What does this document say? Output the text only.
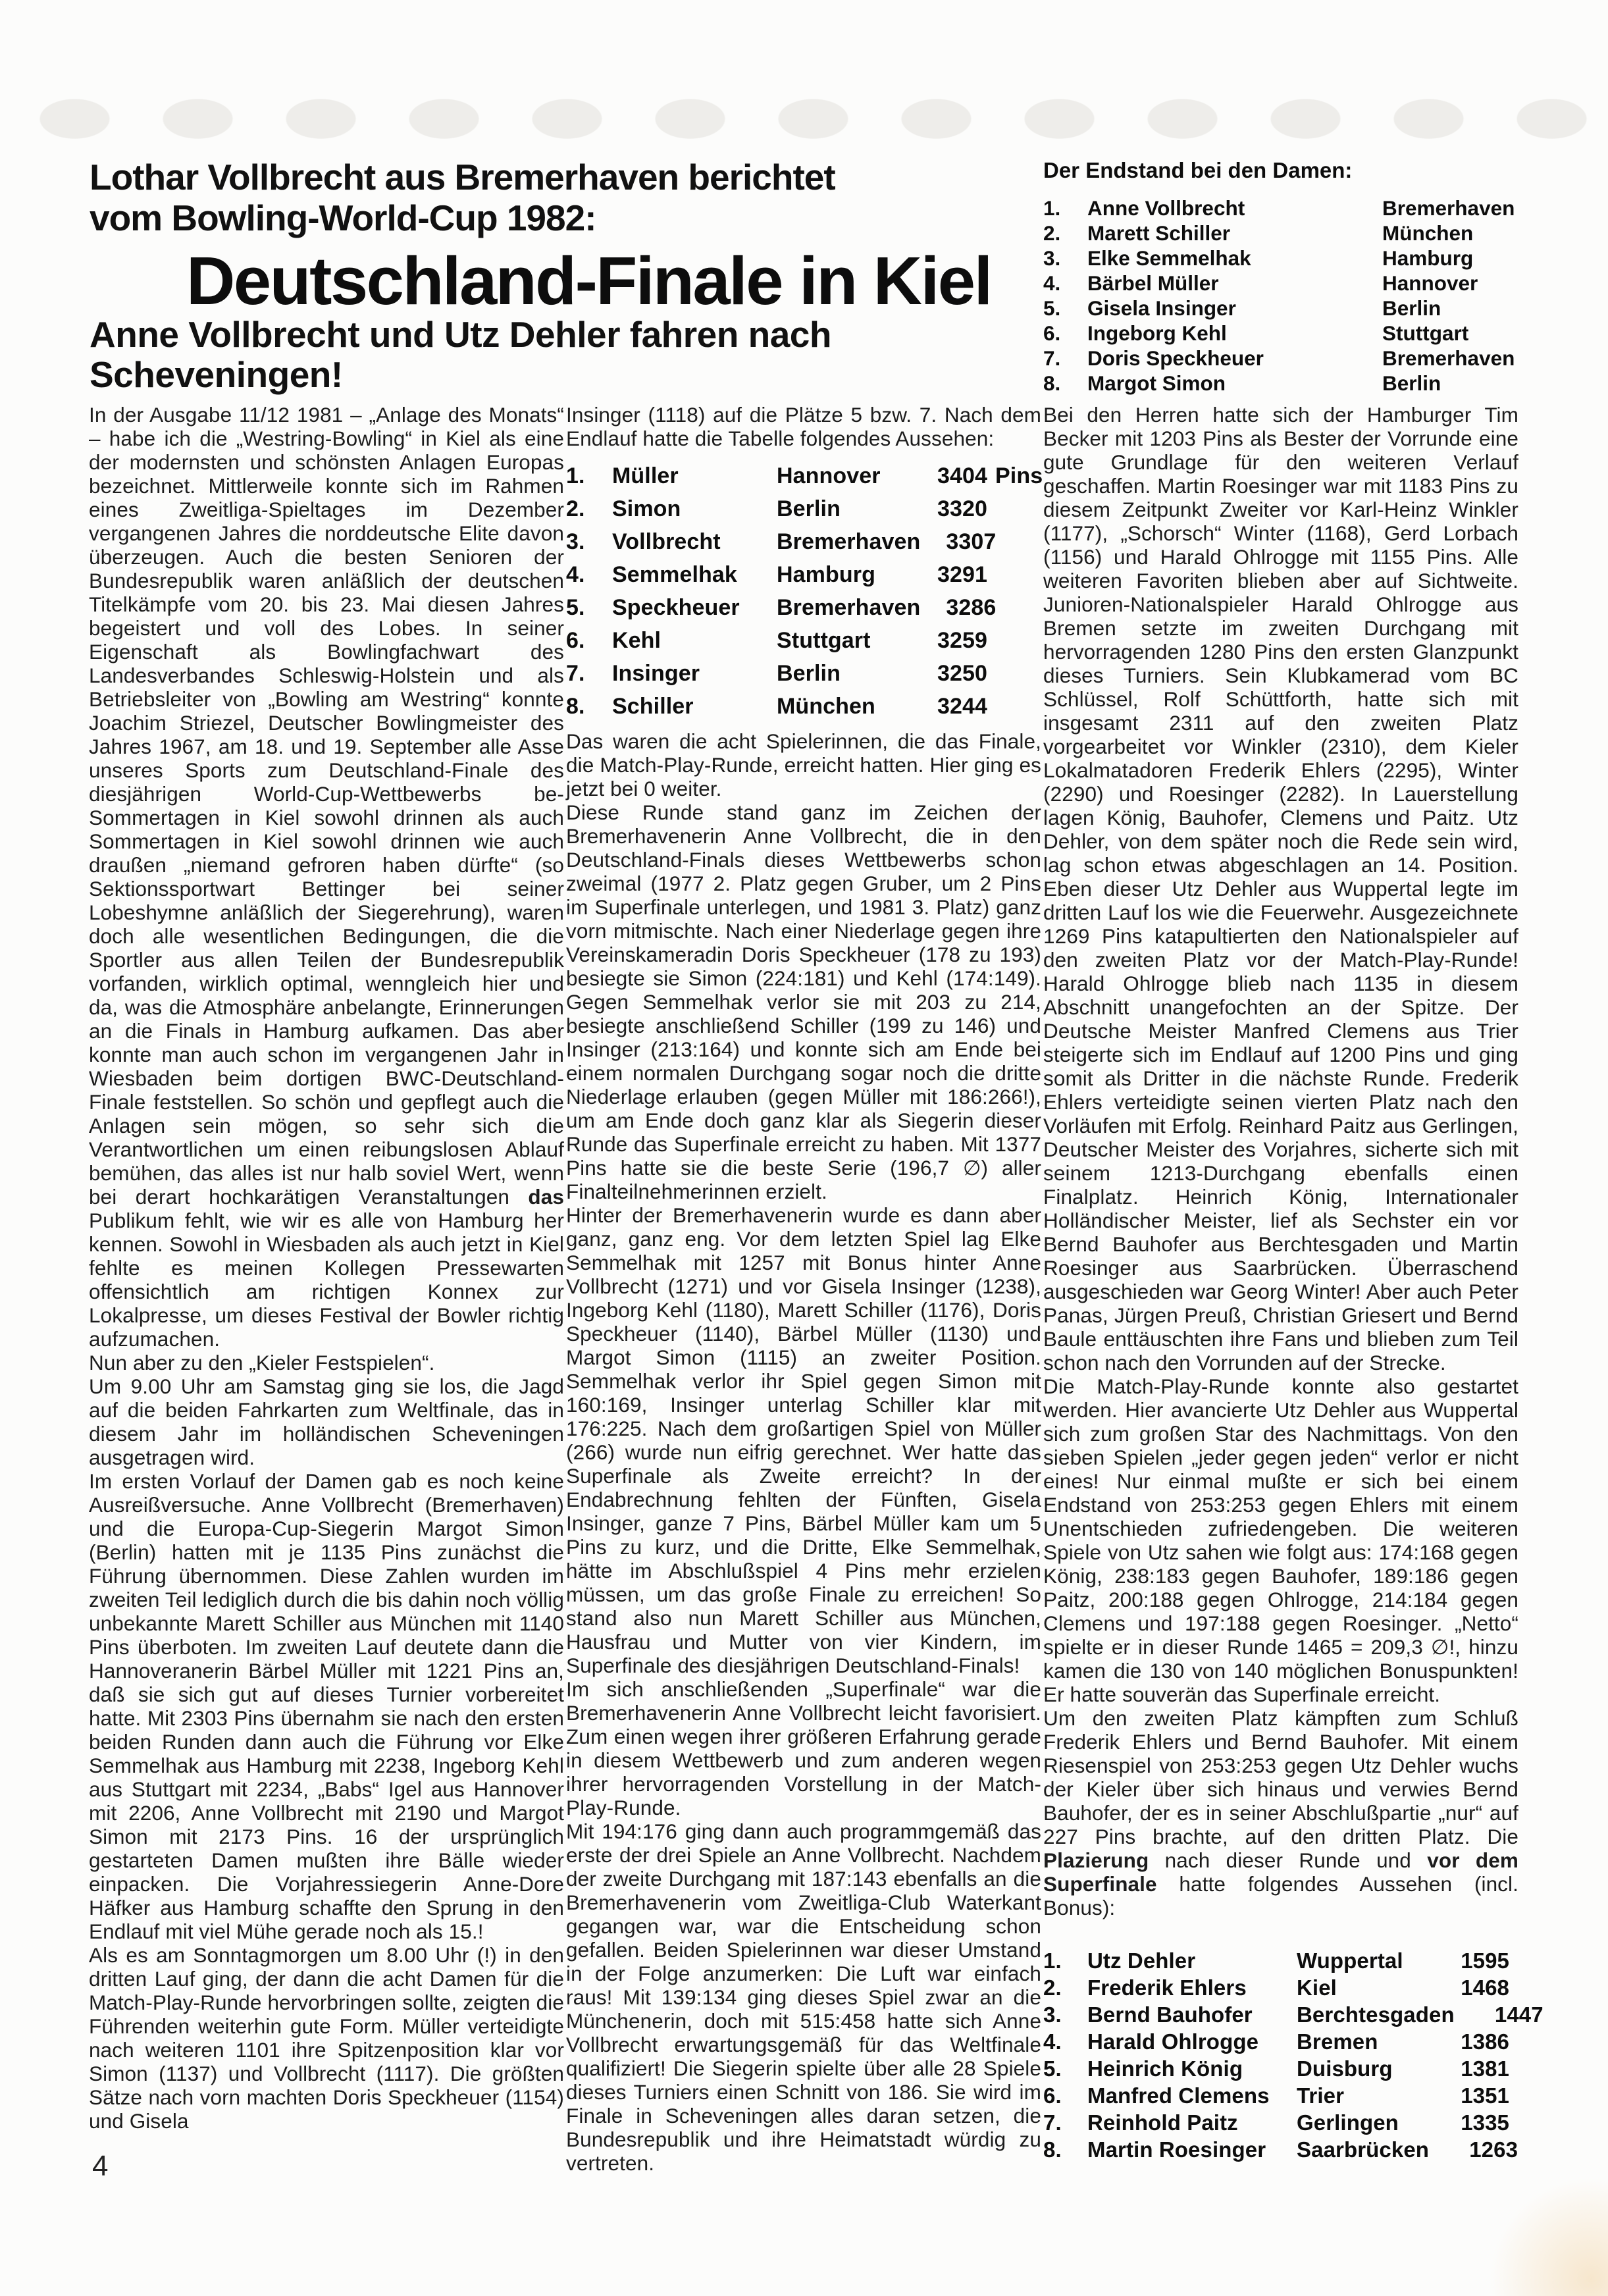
Lothar Vollbrecht aus Bremerhaven berichtet
vom Bowling-World-Cup 1982:
Deutschland-Finale in Kiel
Anne Vollbrecht und Utz Dehler fahren nach Scheveningen!
Der Endstand bei den Damen:
1.	Anne Vollbrecht	Bremerhaven
2.	Marett Schiller	München
3.	Elke Semmelhak	Hamburg
4.	Bärbel Müller	Hannover
5.	Gisela Insinger	Berlin
6.	Ingeborg Kehl	Stuttgart
7.	Doris Speckheuer	Bremerhaven
8.	Margot Simon	Berlin

In der Ausgabe 11/12 1981 – „Anlage des Monats“ – habe ich die „Westring-Bowling“ in Kiel als eine der modernsten und schönsten Anlagen Europas bezeichnet. Mittlerweile konnte sich im Rahmen eines Zweitliga-Spieltages im Dezember vergangenen Jahres die norddeutsche Elite davon überzeugen. Auch die besten Senioren der Bundesrepublik waren anläßlich der deutschen Titelkämpfe vom 20. bis 23. Mai diesen Jahres begeistert und voll des Lobes. In seiner Eigenschaft als Bowlingfachwart des Landesverbandes Schleswig-Holstein und als Betriebsleiter von „Bowling am Westring“ konnte Joachim Striezel, Deutscher Bowlingmeister des Jahres 1967, am 18. und 19. September alle Asse unseres Sports zum Deutschland-Finale des diesjährigen World-Cup-Wettbewerbs be- Sommertagen in Kiel sowohl drinnen als auch Sommertagen in Kiel sowohl drinnen wie auch draußen „niemand gefroren haben dürfte“ (so Sektionssportwart Bettinger bei seiner Lobeshymne anläßlich der Siegerehrung), waren doch alle wesentlichen Bedingungen, die die Sportler aus allen Teilen der Bundesrepublik vorfanden, wirklich optimal, wenngleich hier und da, was die Atmosphäre anbelangte, Erinnerungen an die Finals in Hamburg aufkamen. Das aber konnte man auch schon im vergangenen Jahr in Wiesbaden beim dortigen BWC-Deutschland-Finale feststellen. So schön und gepflegt auch die Anlagen sein mögen, so sehr sich die Verantwortlichen um einen reibungslosen Ablauf bemühen, das alles ist nur halb soviel Wert, wenn bei derart hochkarätigen Veranstaltungen das Publikum fehlt, wie wir es alle von Hamburg her kennen. Sowohl in Wiesbaden als auch jetzt in Kiel fehlte es meinen Kollegen Pressewarten offensichtlich am richtigen Konnex zur Lokalpresse, um dieses Festival der Bowler richtig aufzumachen.

Nun aber zu den „Kieler Festspielen“.

Um 9.00 Uhr am Samstag ging sie los, die Jagd auf die beiden Fahrkarten zum Weltfinale, das in diesem Jahr im holländischen Scheveningen ausgetragen wird.

Im ersten Vorlauf der Damen gab es noch keine Ausreißversuche. Anne Vollbrecht (Bremerhaven) und die Europa-Cup-Siegerin Margot Simon (Berlin) hatten mit je 1135 Pins zunächst die Führung übernommen. Diese Zahlen wurden im zweiten Teil lediglich durch die bis dahin noch völlig unbekannte Marett Schiller aus München mit 1140 Pins überboten. Im zweiten Lauf deutete dann die Hannoveranerin Bärbel Müller mit 1221 Pins an, daß sie sich gut auf dieses Turnier vorbereitet hatte. Mit 2303 Pins übernahm sie nach den ersten beiden Runden dann auch die Führung vor Elke Semmelhak aus Hamburg mit 2238, Ingeborg Kehl aus Stuttgart mit 2234, „Babs“ Igel aus Hannover mit 2206, Anne Vollbrecht mit 2190 und Margot Simon mit 2173 Pins. 16 der ursprünglich gestarteten Damen mußten ihre Bälle wieder einpacken. Die Vorjahressiegerin Anne-Dore Häfker aus Hamburg schaffte den Sprung in den Endlauf mit viel Mühe gerade noch als 15.!

Als es am Sonntagmorgen um 8.00 Uhr (!) in den dritten Lauf ging, der dann die acht Damen für die Match-Play-Runde hervorbringen sollte, zeigten die Führenden weiterhin gute Form. Müller verteidigte nach weiteren 1101 ihre Spitzenposition klar vor Simon (1137) und Vollbrecht (1117). Die größten Sätze nach vorn machten Doris Speckheuer (1154) und Gisela

Insinger (1118) auf die Plätze 5 bzw. 7. Nach dem Endlauf hatte die Tabelle folgendes Aussehen:

1.	Müller	Hannover	3404 Pins
2.	Simon	Berlin	3320
3.	Vollbrecht	Bremerhaven	3307
4.	Semmelhak	Hamburg	3291
5.	Speckheuer	Bremerhaven	3286
6.	Kehl	Stuttgart	3259
7.	Insinger	Berlin	3250
8.	Schiller	München	3244

Das waren die acht Spielerinnen, die das Finale, die Match-Play-Runde, erreicht hatten. Hier ging es jetzt bei 0 weiter.

Diese Runde stand ganz im Zeichen der Bremerhavenerin Anne Vollbrecht, die in den Deutschland-Finals dieses Wettbewerbs schon zweimal (1977 2. Platz gegen Gruber, um 2 Pins im Superfinale unterlegen, und 1981 3. Platz) ganz vorn mitmischte. Nach einer Niederlage gegen ihre Vereinskameradin Doris Speckheuer (178 zu 193) besiegte sie Simon (224:181) und Kehl (174:149). Gegen Semmelhak verlor sie mit 203 zu 214, besiegte anschließend Schiller (199 zu 146) und Insinger (213:164) und konnte sich am Ende bei einem normalen Durchgang sogar noch die dritte Niederlage erlauben (gegen Müller mit 186:266!), um am Ende doch ganz klar als Siegerin dieser Runde das Superfinale erreicht zu haben. Mit 1377 Pins hatte sie die beste Serie (196,7 ∅) aller Finalteilnehmerinnen erzielt.

Hinter der Bremerhavenerin wurde es dann aber ganz, ganz eng. Vor dem letzten Spiel lag Elke Semmelhak mit 1257 mit Bonus hinter Anne Vollbrecht (1271) und vor Gisela Insinger (1238), Ingeborg Kehl (1180), Marett Schiller (1176), Doris Speckheuer (1140), Bärbel Müller (1130) und Margot Simon (1115) an zweiter Position. Semmelhak verlor ihr Spiel gegen Simon mit 160:169, Insinger unterlag Schiller klar mit 176:225. Nach dem großartigen Spiel von Müller (266) wurde nun eifrig gerechnet. Wer hatte das Superfinale als Zweite erreicht? In der Endabrechnung fehlten der Fünften, Gisela Insinger, ganze 7 Pins, Bärbel Müller kam um 5 Pins zu kurz, und die Dritte, Elke Semmelhak, hätte im Abschlußspiel 4 Pins mehr erzielen müssen, um das große Finale zu erreichen! So stand also nun Marett Schiller aus München, Hausfrau und Mutter von vier Kindern, im Superfinale des diesjährigen Deutschland-Finals!

Im sich anschließenden „Superfinale“ war die Bremerhavenerin Anne Vollbrecht leicht favorisiert. Zum einen wegen ihrer größeren Erfahrung gerade in diesem Wettbewerb und zum anderen wegen ihrer hervorragenden Vorstellung in der Match-Play-Runde.

Mit 194:176 ging dann auch programmgemäß das erste der drei Spiele an Anne Vollbrecht. Nachdem der zweite Durchgang mit 187:143 ebenfalls an die Bremerhavenerin vom Zweitliga-Club Waterkant gegangen war, war die Entscheidung schon gefallen. Beiden Spielerinnen war dieser Umstand in der Folge anzumerken: Die Luft war einfach raus! Mit 139:134 ging dieses Spiel zwar an die Münchenerin, doch mit 515:458 hatte sich Anne Vollbrecht erwartungsgemäß für das Weltfinale qualifiziert! Die Siegerin spielte über alle 28 Spiele dieses Turniers einen Schnitt von 186. Sie wird im Finale in Scheveningen alles daran setzen, die Bundesrepublik und ihre Heimatstadt würdig zu vertreten.

Bei den Herren hatte sich der Hamburger Tim Becker mit 1203 Pins als Bester der Vorrunde eine gute Grundlage für den weiteren Verlauf geschaffen. Martin Roesinger war mit 1183 Pins zu diesem Zeitpunkt Zweiter vor Karl-Heinz Winkler (1177), „Schorsch“ Winter (1168), Gerd Lorbach (1156) und Harald Ohlrogge mit 1155 Pins. Alle weiteren Favoriten blieben aber auf Sichtweite. Junioren-Nationalspieler Harald Ohlrogge aus Bremen setzte im zweiten Durchgang mit hervorragenden 1280 Pins den ersten Glanzpunkt dieses Turniers. Sein Klubkamerad vom BC Schlüssel, Rolf Schüttforth, hatte sich mit insgesamt 2311 auf den zweiten Platz vorgearbeitet vor Winkler (2310), dem Kieler Lokalmatadoren Frederik Ehlers (2295), Winter (2290) und Roesinger (2282). In Lauerstellung lagen König, Bauhofer, Clemens und Paitz. Utz Dehler, von dem später noch die Rede sein wird, lag schon etwas abgeschlagen an 14. Position. Eben dieser Utz Dehler aus Wuppertal legte im dritten Lauf los wie die Feuerwehr. Ausgezeichnete 1269 Pins katapultierten den Nationalspieler auf den zweiten Platz vor der Match-Play-Runde! Harald Ohlrogge blieb nach 1135 in diesem Abschnitt unangefochten an der Spitze. Der Deutsche Meister Manfred Clemens aus Trier steigerte sich im Endlauf auf 1200 Pins und ging somit als Dritter in die nächste Runde. Frederik Ehlers verteidigte seinen vierten Platz nach den Vorläufen mit Erfolg. Reinhard Paitz aus Gerlingen, Deutscher Meister des Vorjahres, sicherte sich mit seinem 1213-Durchgang ebenfalls einen Finalplatz. Heinrich König, Internationaler Holländischer Meister, lief als Sechster ein vor Bernd Bauhofer aus Berchtesgaden und Martin Roesinger aus Saarbrücken. Überraschend ausgeschieden war Georg Winter! Aber auch Peter Panas, Jürgen Preuß, Christian Griesert und Bernd Baule enttäuschten ihre Fans und blieben zum Teil schon nach den Vorrunden auf der Strecke.

Die Match-Play-Runde konnte also gestartet werden. Hier avancierte Utz Dehler aus Wuppertal sich zum großen Star des Nachmittags. Von den sieben Spielen „jeder gegen jeden“ verlor er nicht eines! Nur einmal mußte er sich bei einem Endstand von 253:253 gegen Ehlers mit einem Unentschieden zufriedengeben. Die weiteren Spiele von Utz sahen wie folgt aus: 174:168 gegen König, 238:183 gegen Bauhofer, 189:186 gegen Paitz, 200:188 gegen Ohlrogge, 214:184 gegen Clemens und 197:188 gegen Roesinger. „Netto“ spielte er in dieser Runde 1465 = 209,3 ∅!, hinzu kamen die 130 von 140 möglichen Bonuspunkten! Er hatte souverän das Superfinale erreicht.

Um den zweiten Platz kämpften zum Schluß Frederik Ehlers und Bernd Bauhofer. Mit einem Riesenspiel von 253:253 gegen Utz Dehler wuchs der Kieler über sich hinaus und verwies Bernd Bauhofer, der es in seiner Abschlußpartie „nur“ auf 227 Pins brachte, auf den dritten Platz. Die Plazierung nach dieser Runde und vor dem Superfinale hatte folgendes Aussehen (incl. Bonus):

1.	Utz Dehler	Wuppertal	1595
2.	Frederik Ehlers	Kiel	1468
3.	Bernd Bauhofer	Berchtesgaden	1447
4.	Harald Ohlrogge	Bremen	1386
5.	Heinrich König	Duisburg	1381
6.	Manfred Clemens	Trier	1351
7.	Reinhold Paitz	Gerlingen	1335
8.	Martin Roesinger	Saarbrücken	1263
4
